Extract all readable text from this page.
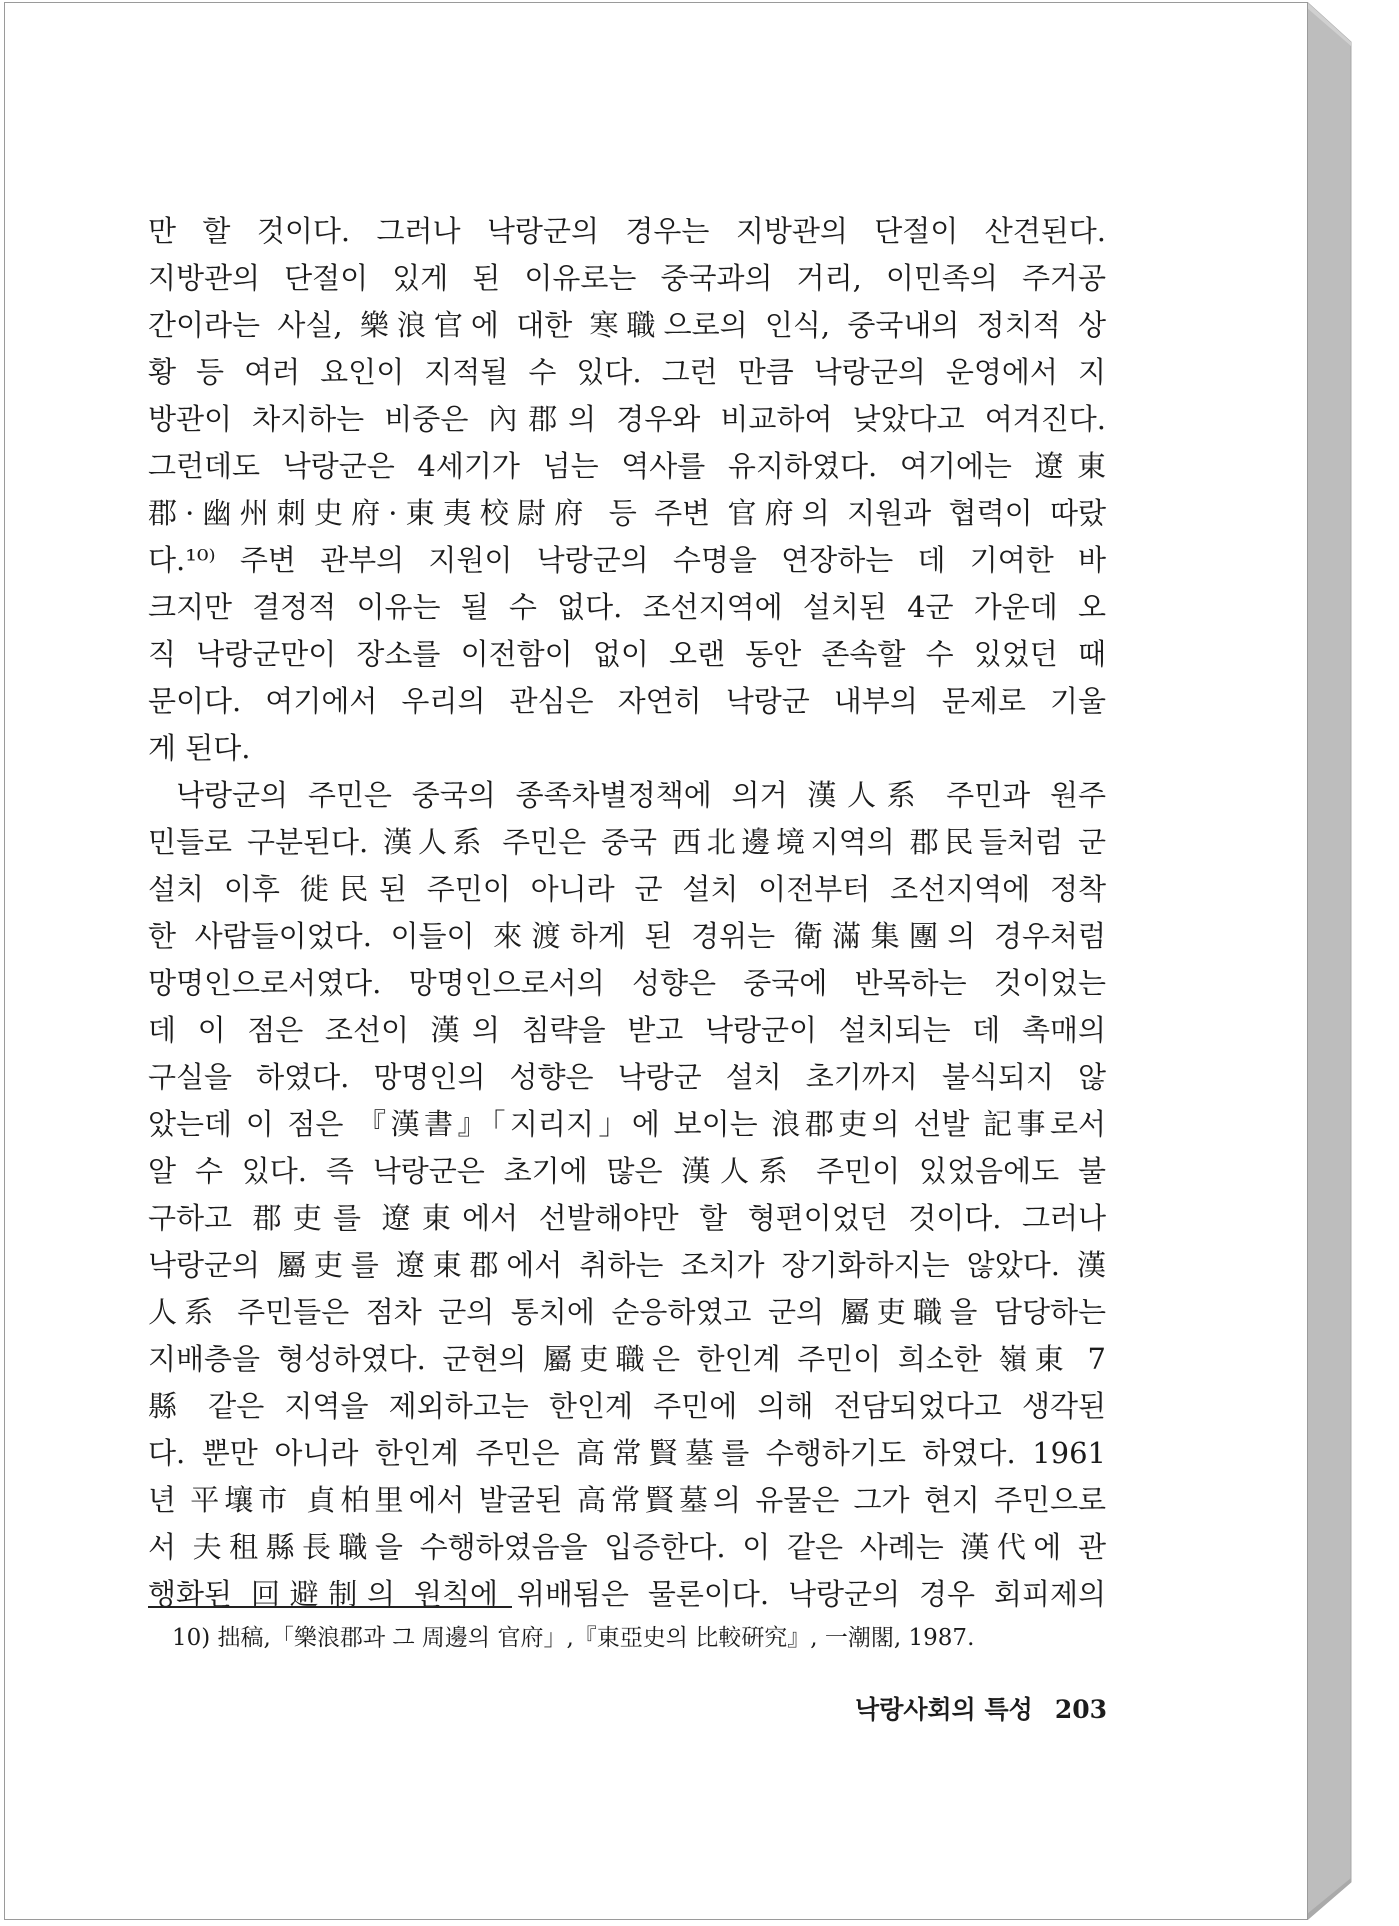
만 할 것이다. 그러나 낙랑군의 경우는 지방관의 단절이 산견된다.
지방관의 단절이 있게 된 이유로는 중국과의 거리, 이민족의 주거공
간이라는 사실, 樂浪官에 대한 寒職으로의 인식, 중국내의 정치적 상
황 등 여러 요인이 지적될 수 있다. 그런 만큼 낙랑군의 운영에서 지
방관이 차지하는 비중은 內郡의 경우와 비교하여 낮았다고 여겨진다.
그런데도 낙랑군은 4세기가 넘는 역사를 유지하였다. 여기에는 遼東
郡·幽州刺史府·東夷校尉府 등 주변 官府의 지원과 협력이 따랐
다.¹⁰⁾ 주변 관부의 지원이 낙랑군의 수명을 연장하는 데 기여한 바
크지만 결정적 이유는 될 수 없다. 조선지역에 설치된 4군 가운데 오
직 낙랑군만이 장소를 이전함이 없이 오랜 동안 존속할 수 있었던 때
문이다. 여기에서 우리의 관심은 자연히 낙랑군 내부의 문제로 기울
게 된다.
낙랑군의 주민은 중국의 종족차별정책에 의거 漢人系 주민과 원주
민들로 구분된다. 漢人系 주민은 중국 西北邊境지역의 郡民들처럼 군
설치 이후 徙民된 주민이 아니라 군 설치 이전부터 조선지역에 정착
한 사람들이었다. 이들이 來渡하게 된 경위는 衛滿集團의 경우처럼
망명인으로서였다. 망명인으로서의 성향은 중국에 반목하는 것이었는
데 이 점은 조선이 漢의 침략을 받고 낙랑군이 설치되는 데 촉매의
구실을 하였다. 망명인의 성향은 낙랑군 설치 초기까지 불식되지 않
았는데 이 점은 『漢書』「지리지」에 보이는 浪郡吏의 선발 記事로서
알 수 있다. 즉 낙랑군은 초기에 많은 漢人系 주민이 있었음에도 불
구하고 郡吏를 遼東에서 선발해야만 할 형편이었던 것이다. 그러나
낙랑군의 屬吏를 遼東郡에서 취하는 조치가 장기화하지는 않았다. 漢
人系 주민들은 점차 군의 통치에 순응하였고 군의 屬吏職을 담당하는
지배층을 형성하였다. 군현의 屬吏職은 한인계 주민이 희소한 嶺東 7
縣 같은 지역을 제외하고는 한인계 주민에 의해 전담되었다고 생각된
다. 뿐만 아니라 한인계 주민은 高常賢墓를 수행하기도 하였다. 1961
년 平壤市 貞柏里에서 발굴된 高常賢墓의 유물은 그가 현지 주민으로
서 夫租縣長職을 수행하였음을 입증한다. 이 같은 사례는 漢代에 관
행화된 回避制의 원칙에 위배됨은 물론이다. 낙랑군의 경우 회피제의
10) 拙稿,「樂浪郡과 그 周邊의 官府」,『東亞史의 比較硏究』, 一潮閣, 1987.
낙랑사회의 특성 203
